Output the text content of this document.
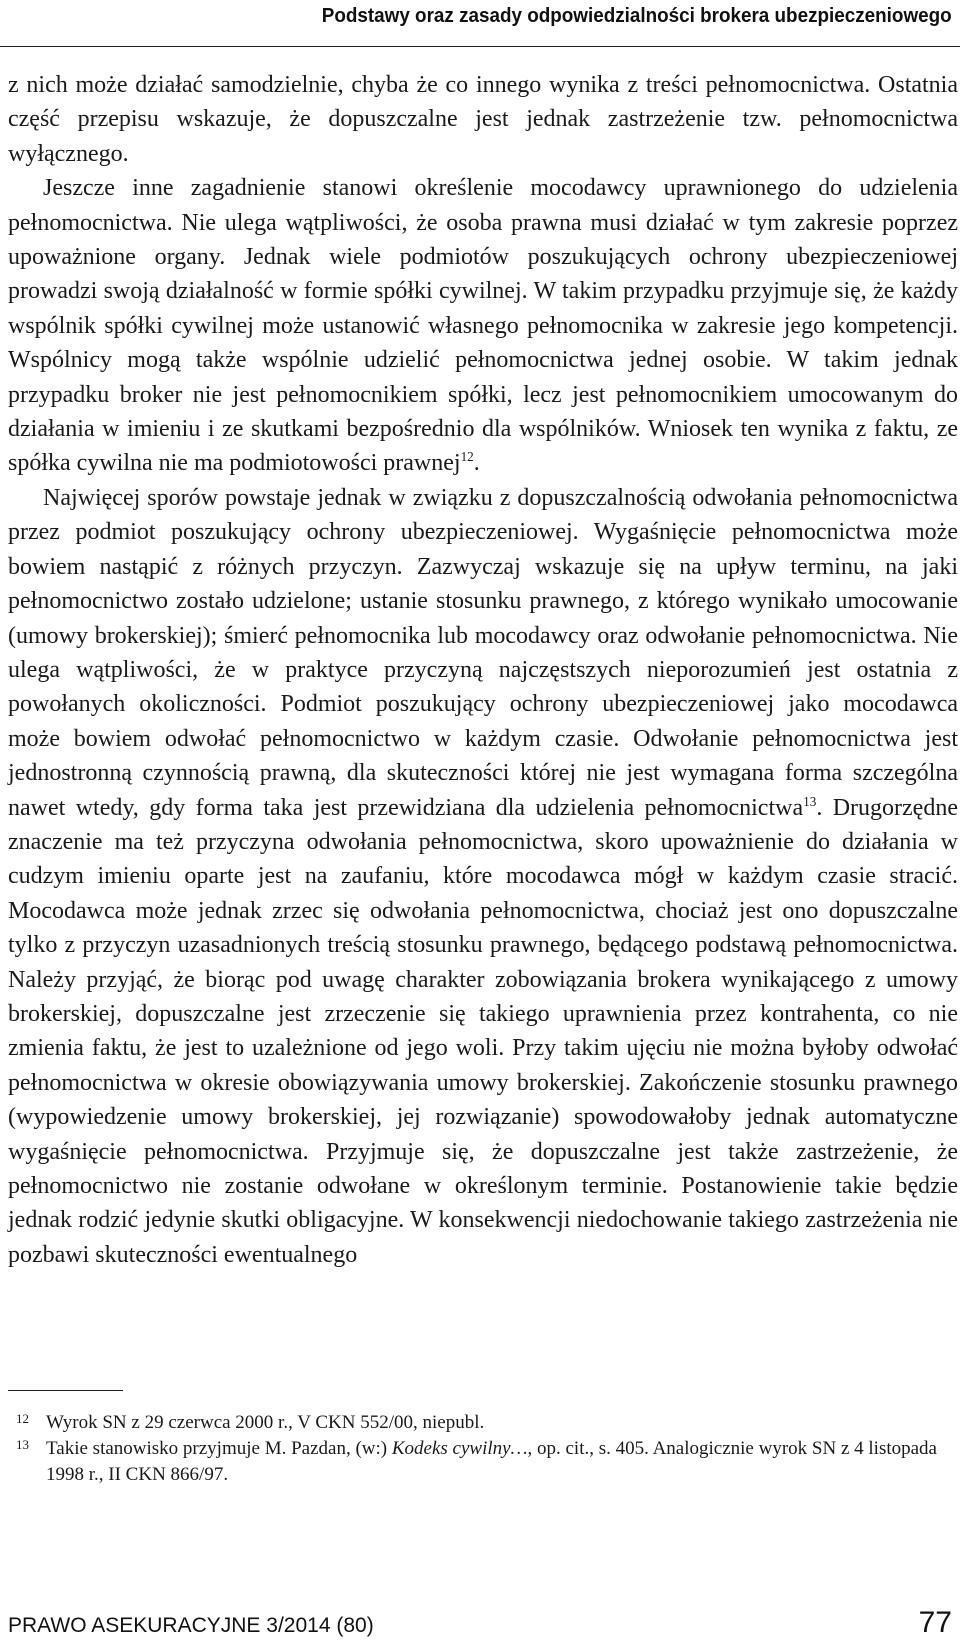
Podstawy oraz zasady odpowiedzialności brokera ubezpieczeniowego

z nich może działać samodzielnie, chyba że co innego wynika z treści pełnomocnictwa. Ostatnia część przepisu wskazuje, że dopuszczalne jest jednak zastrzeżenie tzw. pełnomocnictwa wyłącznego.

Jeszcze inne zagadnienie stanowi określenie mocodawcy uprawnionego do udzielenia pełnomocnictwa. Nie ulega wątpliwości, że osoba prawna musi działać w tym zakresie poprzez upoważnione organy. Jednak wiele podmiotów poszukujących ochrony ubezpieczeniowej prowadzi swoją działalność w formie spółki cywilnej. W takim przypadku przyjmuje się, że każdy wspólnik spółki cywilnej może ustanowić własnego pełnomocnika w zakresie jego kompetencji. Wspólnicy mogą także wspólnie udzielić pełnomocnictwa jednej osobie. W takim jednak przypadku broker nie jest pełnomocnikiem spółki, lecz jest pełnomocnikiem umocowanym do działania w imieniu i ze skutkami bezpośrednio dla wspólników. Wniosek ten wynika z faktu, ze spółka cywilna nie ma podmiotowości prawnej$^{12}$.

Najwięcej sporów powstaje jednak w związku z dopuszczalnością odwołania pełnomocnictwa przez podmiot poszukujący ochrony ubezpieczeniowej. Wygaśnięcie pełnomocnictwa może bowiem nastąpić z różnych przyczyn. Zazwyczaj wskazuje się na upływ terminu, na jaki pełnomocnictwo zostało udzielone; ustanie stosunku prawnego, z którego wynikało umocowanie (umowy brokerskiej); śmierć pełnomocnika lub mocodawcy oraz odwołanie pełnomocnictwa. Nie ulega wątpliwości, że w praktyce przyczyną najczęstszych nieporozumień jest ostatnia z powołanych okoliczności. Podmiot poszukujący ochrony ubezpieczeniowej jako mocodawca może bowiem odwołać pełnomocnictwo w każdym czasie. Odwołanie pełnomocnictwa jest jednostronną czynnością prawną, dla skuteczności której nie jest wymagana forma szczególna nawet wtedy, gdy forma taka jest przewidziana dla udzielenia pełnomocnictwa$^{13}$. Drugorzędne znaczenie ma też przyczyna odwołania pełnomocnictwa, skoro upoważnienie do działania w cudzym imieniu oparte jest na zaufaniu, które mocodawca mógł w każdym czasie stracić. Mocodawca może jednak zrzec się odwołania pełnomocnictwa, chociaż jest ono dopuszczalne tylko z przyczyn uzasadnionych treścią stosunku prawnego, będącego podstawą pełnomocnictwa. Należy przyjąć, że biorąc pod uwagę charakter zobowiązania brokera wynikającego z umowy brokerskiej, dopuszczalne jest zrzeczenie się takiego uprawnienia przez kontrahenta, co nie zmienia faktu, że jest to uzależnione od jego woli. Przy takim ujęciu nie można byłoby odwołać pełnomocnictwa w okresie obowiązywania umowy brokerskiej. Zakończenie stosunku prawnego (wypowiedzenie umowy brokerskiej, jej rozwiązanie) spowodowałoby jednak automatyczne wygaśnięcie pełnomocnictwa. Przyjmuje się, że dopuszczalne jest także zastrzeżenie, że pełnomocnictwo nie zostanie odwołane w określonym terminie. Postanowienie takie będzie jednak rodzić jedynie skutki obligacyjne. W konsekwencji niedochowanie takiego zastrzeżenia nie pozbawi skuteczności ewentualnego

12 Wyrok SN z 29 czerwca 2000 r., V CKN 552/00, niepubl.
13 Takie stanowisko przyjmuje M. Pazdan, (w:) Kodeks cywilny…, op. cit., s. 405. Analogicznie wyrok SN z 4 listopada 1998 r., II CKN 866/97.
PRAWO ASEKURACYJNE 3/2014 (80)	77
